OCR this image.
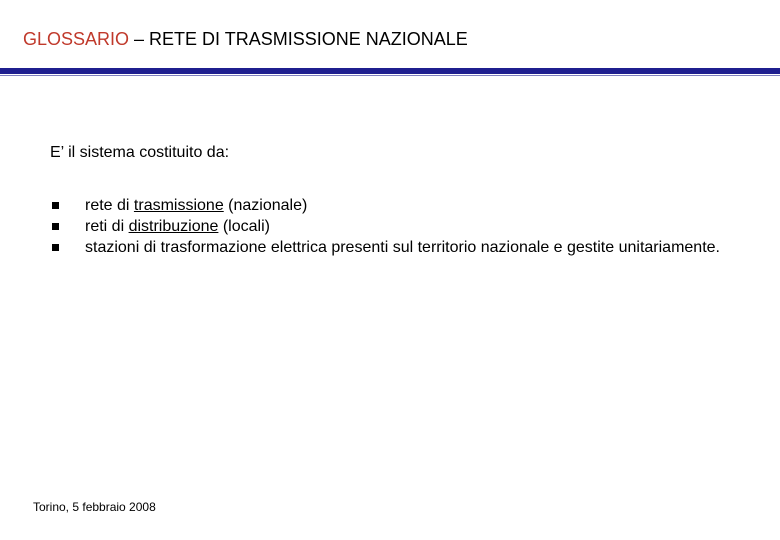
GLOSSARIO – RETE DI TRASMISSIONE NAZIONALE
E’ il sistema costituito da:
rete di trasmissione (nazionale)
reti di distribuzione (locali)
stazioni di trasformazione elettrica presenti sul territorio nazionale e gestite unitariamente.
Torino, 5 febbraio 2008
